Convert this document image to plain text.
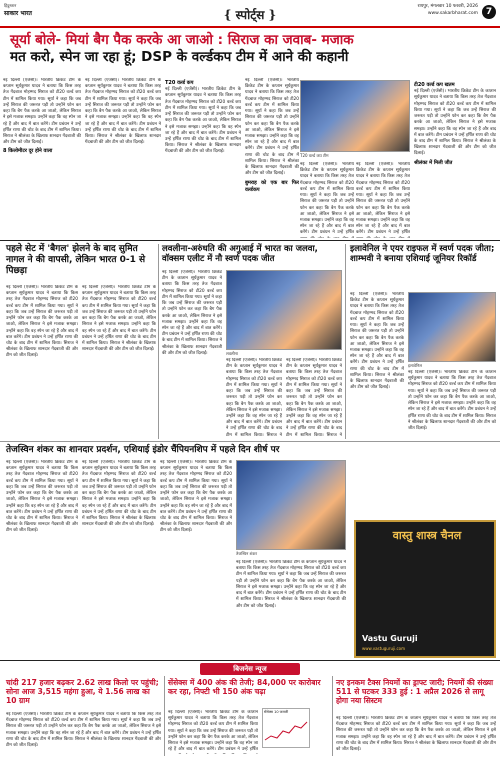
हिंदुस्तान
साकार भारत	{ स्पोर्ट्स }
रायपुर, मंगलवार 10 फरवरी, 2026
www.sakarbharat.com 7
सूर्या बोले- मियां बैग पैक करके आ जाओ : सिराज का जवाब- मजाक
मत करो, स्पेन जा रहा हूं; DSP के वर्ल्डकप टीम में आने की कहानी
नई दिल्ली (एजेंसी)। भारतीय क्रिकेट टीम के कप्तान सूर्यकुमार यादव ने बताया कि किस तरह तेज गेंदबाज मोहम्मद सिराज को टी20 वर्ल्ड कप टीम में शामिल किया गया। सूर्या ने कहा कि जब उन्हें सिराज की जरूरत पड़ी तो उन्होंने फोन कर कहा कि बैग पैक करके आ जाओ, लेकिन सिराज ने इसे मजाक समझा। उन्होंने कहा कि वह स्पेन जा रहे हैं और बाद में बात करेंगे। टीम प्रबंधन ने उन्हें हर्षित राणा की चोट के बाद टीम में शामिल किया। सिराज ने श्रीलंका के खिलाफ शानदार गेंदबाजी की और टीम को जीत दिलाई।
8 किलोमीटर दूर होने वाला
नई दिल्ली (एजेंसी)। भारतीय क्रिकेट टीम के कप्तान सूर्यकुमार यादव ने बताया कि किस तरह तेज गेंदबाज मोहम्मद सिराज को टी20 वर्ल्ड कप टीम में शामिल किया गया। सूर्या ने कहा कि जब उन्हें सिराज की जरूरत पड़ी तो उन्होंने फोन कर कहा कि बैग पैक करके आ जाओ, लेकिन सिराज ने इसे मजाक समझा। उन्होंने कहा कि वह स्पेन जा रहे हैं और बाद में बात करेंगे। टीम प्रबंधन ने उन्हें हर्षित राणा की चोट के बाद टीम में शामिल किया। सिराज ने श्रीलंका के खिलाफ शानदार गेंदबाजी की और टीम को जीत दिलाई।
T20 वर्ल्ड कप
नई दिल्ली (एजेंसी)। भारतीय क्रिकेट टीम के कप्तान सूर्यकुमार यादव ने बताया कि किस तरह तेज गेंदबाज मोहम्मद सिराज को टी20 वर्ल्ड कप टीम में शामिल किया गया। सूर्या ने कहा कि जब उन्हें सिराज की जरूरत पड़ी तो उन्होंने फोन कर कहा कि बैग पैक करके आ जाओ, लेकिन सिराज ने इसे मजाक समझा। उन्होंने कहा कि वह स्पेन जा रहे हैं और बाद में बात करेंगे। टीम प्रबंधन ने उन्हें हर्षित राणा की चोट के बाद टीम में शामिल किया। सिराज ने श्रीलंका के खिलाफ शानदार गेंदबाजी की और टीम को जीत दिलाई।
नई दिल्ली (एजेंसी)। भारतीय क्रिकेट टीम के कप्तान सूर्यकुमार यादव ने बताया कि किस तरह तेज गेंदबाज मोहम्मद सिराज को टी20 वर्ल्ड कप टीम में शामिल किया गया। सूर्या ने कहा कि जब उन्हें सिराज की जरूरत पड़ी तो उन्होंने फोन कर कहा कि बैग पैक करके आ जाओ, लेकिन सिराज ने इसे मजाक समझा। उन्होंने कहा कि वह स्पेन जा रहे हैं और बाद में बात करेंगे। टीम प्रबंधन ने उन्हें हर्षित राणा की चोट के बाद टीम में शामिल किया। सिराज ने श्रीलंका के खिलाफ शानदार गेंदबाजी की और टीम को जीत दिलाई।
बुमराह को एक बार फिर वर्ल्डकप
T20 वर्ल्ड कप टीम
नई दिल्ली (एजेंसी)। भारतीय क्रिकेट टीम के कप्तान सूर्यकुमार यादव ने बताया कि किस तरह तेज गेंदबाज मोहम्मद सिराज को टी20 वर्ल्ड कप टीम में शामिल किया गया। सूर्या ने कहा कि जब उन्हें सिराज की जरूरत पड़ी तो उन्होंने फोन कर कहा कि बैग पैक करके आ जाओ, लेकिन सिराज ने इसे मजाक समझा। उन्होंने कहा कि वह स्पेन जा रहे हैं और बाद में बात करेंगे। टीम प्रबंधन ने उन्हें हर्षित
नई दिल्ली (एजेंसी)। भारतीय क्रिकेट टीम के कप्तान सूर्यकुमार यादव ने बताया कि किस तरह तेज गेंदबाज मोहम्मद सिराज को टी20 वर्ल्ड कप टीम में शामिल किया गया। सूर्या ने कहा कि जब उन्हें सिराज की जरूरत पड़ी तो उन्होंने फोन कर कहा कि बैग पैक करके आ जाओ, लेकिन सिराज ने इसे मजाक समझा। उन्होंने कहा कि वह स्पेन जा रहे हैं और बाद में बात करेंगे। टीम प्रबंधन ने उन्हें हर्षित
टी20 वर्ल्ड कप खतम
नई दिल्ली (एजेंसी)। भारतीय क्रिकेट टीम के कप्तान सूर्यकुमार यादव ने बताया कि किस तरह तेज गेंदबाज मोहम्मद सिराज को टी20 वर्ल्ड कप टीम में शामिल किया गया। सूर्या ने कहा कि जब उन्हें सिराज की जरूरत पड़ी तो उन्होंने फोन कर कहा कि बैग पैक करके आ जाओ, लेकिन सिराज ने इसे मजाक समझा। उन्होंने कहा कि वह स्पेन जा रहे हैं और बाद में बात करेंगे। टीम प्रबंधन ने उन्हें हर्षित राणा की चोट के बाद टीम में शामिल किया। सिराज ने श्रीलंका के खिलाफ शानदार गेंदबाजी की और टीम को जीत दिलाई।
श्रीलंका में मिली जीत
पहले सेट में 'बैगल' झेलने के बाद सुमित नागल ने की वापसी, लेकिन भारत 0-1 से पिछड़ा
नई दिल्ली (एजेंसी)। भारतीय क्रिकेट टीम के कप्तान सूर्यकुमार यादव ने बताया कि किस तरह तेज गेंदबाज मोहम्मद सिराज को टी20 वर्ल्ड कप टीम में शामिल किया गया। सूर्या ने कहा कि जब उन्हें सिराज की जरूरत पड़ी तो उन्होंने फोन कर कहा कि बैग पैक करके आ जाओ, लेकिन सिराज ने इसे मजाक समझा। उन्होंने कहा कि वह स्पेन जा रहे हैं और बाद में बात करेंगे। टीम प्रबंधन ने उन्हें हर्षित राणा की चोट के बाद टीम में शामिल किया। सिराज ने श्रीलंका के खिलाफ शानदार गेंदबाजी की और टीम को जीत दिलाई।
नई दिल्ली (एजेंसी)। भारतीय क्रिकेट टीम के कप्तान सूर्यकुमार यादव ने बताया कि किस तरह तेज गेंदबाज मोहम्मद सिराज को टी20 वर्ल्ड कप टीम में शामिल किया गया। सूर्या ने कहा कि जब उन्हें सिराज की जरूरत पड़ी तो उन्होंने फोन कर कहा कि बैग पैक करके आ जाओ, लेकिन सिराज ने इसे मजाक समझा। उन्होंने कहा कि वह स्पेन जा रहे हैं और बाद में बात करेंगे। टीम प्रबंधन ने उन्हें हर्षित राणा की चोट के बाद टीम में शामिल किया। सिराज ने श्रीलंका के खिलाफ शानदार गेंदबाजी की और टीम को जीत दिलाई।
लवलीना-अरुंधति की अगुआई में भारत का जलवा, वॉक्सम एलीट में नौ स्वर्ण पदक जीत
नई दिल्ली (एजेंसी)। भारतीय क्रिकेट टीम के कप्तान सूर्यकुमार यादव ने बताया कि किस तरह तेज गेंदबाज मोहम्मद सिराज को टी20 वर्ल्ड कप टीम में शामिल किया गया। सूर्या ने कहा कि जब उन्हें सिराज की जरूरत पड़ी तो उन्होंने फोन कर कहा कि बैग पैक करके आ जाओ, लेकिन सिराज ने इसे मजाक समझा। उन्होंने कहा कि वह स्पेन जा रहे हैं और बाद में बात करेंगे। टीम प्रबंधन ने उन्हें हर्षित राणा की चोट के बाद टीम में शामिल किया। सिराज ने श्रीलंका के खिलाफ शानदार गेंदबाजी की और टीम को जीत दिलाई।	लवलीना
नई दिल्ली (एजेंसी)। भारतीय क्रिकेट टीम के कप्तान सूर्यकुमार यादव ने बताया कि किस तरह तेज गेंदबाज मोहम्मद सिराज को टी20 वर्ल्ड कप टीम में शामिल किया गया। सूर्या ने कहा कि जब उन्हें सिराज की जरूरत पड़ी तो उन्होंने फोन कर कहा कि बैग पैक करके आ जाओ, लेकिन सिराज ने इसे मजाक समझा। उन्होंने कहा कि वह स्पेन जा रहे हैं और बाद में बात करेंगे। टीम प्रबंधन ने उन्हें हर्षित राणा की चोट के बाद टीम में शामिल किया। सिराज ने
नई दिल्ली (एजेंसी)। भारतीय क्रिकेट टीम के कप्तान सूर्यकुमार यादव ने बताया कि किस तरह तेज गेंदबाज मोहम्मद सिराज को टी20 वर्ल्ड कप टीम में शामिल किया गया। सूर्या ने कहा कि जब उन्हें सिराज की जरूरत पड़ी तो उन्होंने फोन कर कहा कि बैग पैक करके आ जाओ, लेकिन सिराज ने इसे मजाक समझा। उन्होंने कहा कि वह स्पेन जा रहे हैं और बाद में बात करेंगे। टीम प्रबंधन ने उन्हें हर्षित राणा की चोट के बाद टीम में शामिल किया। सिराज ने
इलावेनिल ने एयर राइफल में स्वर्ण पदक जीता; शाम्भवी ने बनाया एशियाई जूनियर रिकॉर्ड
नई दिल्ली (एजेंसी)। भारतीय क्रिकेट टीम के कप्तान सूर्यकुमार यादव ने बताया कि किस तरह तेज गेंदबाज मोहम्मद सिराज को टी20 वर्ल्ड कप टीम में शामिल किया गया। सूर्या ने कहा कि जब उन्हें सिराज की जरूरत पड़ी तो उन्होंने फोन कर कहा कि बैग पैक करके आ जाओ, लेकिन सिराज ने इसे मजाक समझा। उन्होंने कहा कि वह स्पेन जा रहे हैं और बाद में बात करेंगे। टीम प्रबंधन ने उन्हें हर्षित राणा की चोट के बाद टीम में शामिल किया। सिराज ने श्रीलंका के खिलाफ शानदार गेंदबाजी की और टीम को जीत दिलाई।
इलावेनिल
नई दिल्ली (एजेंसी)। भारतीय क्रिकेट टीम के कप्तान सूर्यकुमार यादव ने बताया कि किस तरह तेज गेंदबाज मोहम्मद सिराज को टी20 वर्ल्ड कप टीम में शामिल किया गया। सूर्या ने कहा कि जब उन्हें सिराज की जरूरत पड़ी तो उन्होंने फोन कर कहा कि बैग पैक करके आ जाओ, लेकिन सिराज ने इसे मजाक समझा। उन्होंने कहा कि वह स्पेन जा रहे हैं और बाद में बात करेंगे। टीम प्रबंधन ने उन्हें हर्षित राणा की चोट के बाद टीम में शामिल किया। सिराज ने श्रीलंका के खिलाफ शानदार गेंदबाजी की और टीम को जीत दिलाई।
तेजस्विन शंकर का शानदार प्रदर्शन, एशियाई इंडोर चैंपियनशिप में पहले दिन शीर्ष पर
नई दिल्ली (एजेंसी)। भारतीय क्रिकेट टीम के कप्तान सूर्यकुमार यादव ने बताया कि किस तरह तेज गेंदबाज मोहम्मद सिराज को टी20 वर्ल्ड कप टीम में शामिल किया गया। सूर्या ने कहा कि जब उन्हें सिराज की जरूरत पड़ी तो उन्होंने फोन कर कहा कि बैग पैक करके आ जाओ, लेकिन सिराज ने इसे मजाक समझा। उन्होंने कहा कि वह स्पेन जा रहे हैं और बाद में बात करेंगे। टीम प्रबंधन ने उन्हें हर्षित राणा की चोट के बाद टीम में शामिल किया। सिराज ने श्रीलंका के खिलाफ शानदार गेंदबाजी की और टीम को जीत दिलाई।
नई दिल्ली (एजेंसी)। भारतीय क्रिकेट टीम के कप्तान सूर्यकुमार यादव ने बताया कि किस तरह तेज गेंदबाज मोहम्मद सिराज को टी20 वर्ल्ड कप टीम में शामिल किया गया। सूर्या ने कहा कि जब उन्हें सिराज की जरूरत पड़ी तो उन्होंने फोन कर कहा कि बैग पैक करके आ जाओ, लेकिन सिराज ने इसे मजाक समझा। उन्होंने कहा कि वह स्पेन जा रहे हैं और बाद में बात करेंगे। टीम प्रबंधन ने उन्हें हर्षित राणा की चोट के बाद टीम में शामिल किया। सिराज ने श्रीलंका के खिलाफ शानदार गेंदबाजी की और टीम को जीत दिलाई।
नई दिल्ली (एजेंसी)। भारतीय क्रिकेट टीम के कप्तान सूर्यकुमार यादव ने बताया कि किस तरह तेज गेंदबाज मोहम्मद सिराज को टी20 वर्ल्ड कप टीम में शामिल किया गया। सूर्या ने कहा कि जब उन्हें सिराज की जरूरत पड़ी तो उन्होंने फोन कर कहा कि बैग पैक करके आ जाओ, लेकिन सिराज ने इसे मजाक समझा। उन्होंने कहा कि वह स्पेन जा रहे हैं और बाद में बात करेंगे। टीम प्रबंधन ने उन्हें हर्षित राणा की चोट के बाद टीम में शामिल किया। सिराज ने श्रीलंका के खिलाफ शानदार गेंदबाजी की और टीम को जीत दिलाई।
तेजस्विन शंकर
नई दिल्ली (एजेंसी)। भारतीय क्रिकेट टीम के कप्तान सूर्यकुमार यादव ने बताया कि किस तरह तेज गेंदबाज मोहम्मद सिराज को टी20 वर्ल्ड कप टीम में शामिल किया गया। सूर्या ने कहा कि जब उन्हें सिराज की जरूरत पड़ी तो उन्होंने फोन कर कहा कि बैग पैक करके आ जाओ, लेकिन सिराज ने इसे मजाक समझा। उन्होंने कहा कि वह स्पेन जा रहे हैं और बाद में बात करेंगे। टीम प्रबंधन ने उन्हें हर्षित राणा की चोट के बाद टीम में शामिल किया। सिराज ने श्रीलंका के खिलाफ शानदार गेंदबाजी की और टीम को जीत दिलाई।
वास्तु शास्त्र चैनल
Vastu Guruji
www.vastuguruji.com
बिजनेस न्यूज
चांदी 217 हजार बढ़कर 2.62 लाख किलो पर पहुंची; सोना आज 3,515 महंगा हुआ, ये 1.56 लाख का 10 ग्राम
नई दिल्ली (एजेंसी)। भारतीय क्रिकेट टीम के कप्तान सूर्यकुमार यादव ने बताया कि किस तरह तेज गेंदबाज मोहम्मद सिराज को टी20 वर्ल्ड कप टीम में शामिल किया गया। सूर्या ने कहा कि जब उन्हें सिराज की जरूरत पड़ी तो उन्होंने फोन कर कहा कि बैग पैक करके आ जाओ, लेकिन सिराज ने इसे मजाक समझा। उन्होंने कहा कि वह स्पेन जा रहे हैं और बाद में बात करेंगे। टीम प्रबंधन ने उन्हें हर्षित राणा की चोट के बाद टीम में शामिल किया। सिराज ने श्रीलंका के खिलाफ शानदार गेंदबाजी की और टीम को जीत दिलाई।
सेंसेक्स में 400 अंक की तेजी; 84,000 पर कारोबार कर रहा, निफ्टी भी 150 अंक चढ़ा
नई दिल्ली (एजेंसी)। भारतीय क्रिकेट टीम के कप्तान सूर्यकुमार यादव ने बताया कि किस तरह तेज गेंदबाज मोहम्मद सिराज को टी20 वर्ल्ड कप टीम में शामिल किया गया। सूर्या ने कहा कि जब उन्हें सिराज की जरूरत पड़ी तो उन्होंने फोन कर कहा कि बैग पैक करके आ जाओ, लेकिन सिराज ने इसे मजाक समझा। उन्होंने कहा कि वह स्पेन जा रहे हैं और बाद में बात करेंगे। टीम प्रबंधन ने उन्हें हर्षित
सेंसेक्स 10 फरवरी
नए इनकम टैक्स नियमों का ड्राफ्ट जारी; नियमों की संख्या 511 से घटकर 333 हुई : 1 अप्रैल 2026 से लागू होगा नया सिस्टम
नई दिल्ली (एजेंसी)। भारतीय क्रिकेट टीम के कप्तान सूर्यकुमार यादव ने बताया कि किस तरह तेज गेंदबाज मोहम्मद सिराज को टी20 वर्ल्ड कप टीम में शामिल किया गया। सूर्या ने कहा कि जब उन्हें सिराज की जरूरत पड़ी तो उन्होंने फोन कर कहा कि बैग पैक करके आ जाओ, लेकिन सिराज ने इसे मजाक समझा। उन्होंने कहा कि वह स्पेन जा रहे हैं और बाद में बात करेंगे। टीम प्रबंधन ने उन्हें हर्षित राणा की चोट के बाद टीम में शामिल किया। सिराज ने श्रीलंका के खिलाफ शानदार गेंदबाजी की और टीम को जीत दिलाई।
